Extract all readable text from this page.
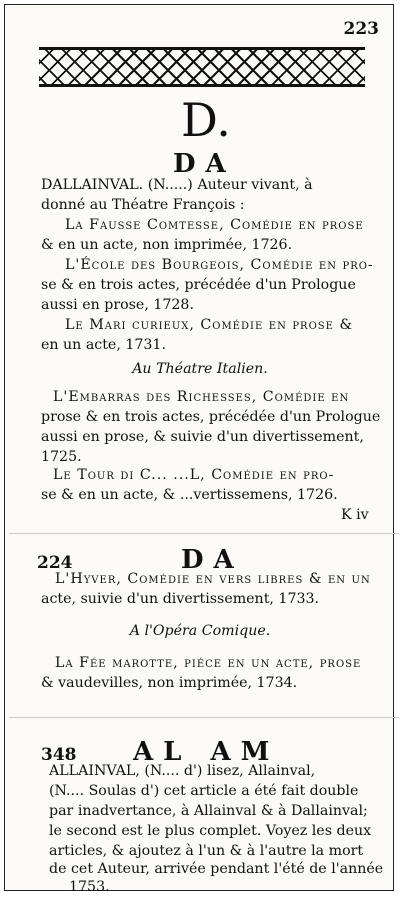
223
D.
DA
DALLAINVAL. (N.....) Auteur vivant, à
donné au Théatre François :
La Fausse Comtesse, Comédie en prose
& en un acte, non imprimée, 1726.
L'École des Bourgeois, Comédie en pro-
se & en trois actes, précédée d'un Prologue
aussi en prose, 1728.
Le Mari curieux, Comédie en prose &
en un acte, 1731.
Au Théatre Italien.
L'Embarras des Richesses, Comédie en
prose & en trois actes, précédée d'un Prologue
aussi en prose, & suivie d'un divertissement,
1725.
Le Tour di C... ...L, Comédie en pro-
se & en un acte, & ...vertissemens, 1726.
K iv
224	DA
L'Hyver, Comédie en vers libres & en un
acte, suivie d'un divertissement, 1733.
A l'Opéra Comique.
La Fée marotte, piéce en un acte, prose
& vaudevilles, non imprimée, 1734.
348 AL AM
ALLAINVAL, (N.... d') lisez, Allainval,
(N.... Soulas d') cet article a été fait double
par inadvertance, à Allainval & à Dallainval;
le second est le plus complet. Voyez les deux
articles, & ajoutez à l'un & à l'autre la mort
de cet Auteur, arrivée pendant l'été de l'année
1753.
